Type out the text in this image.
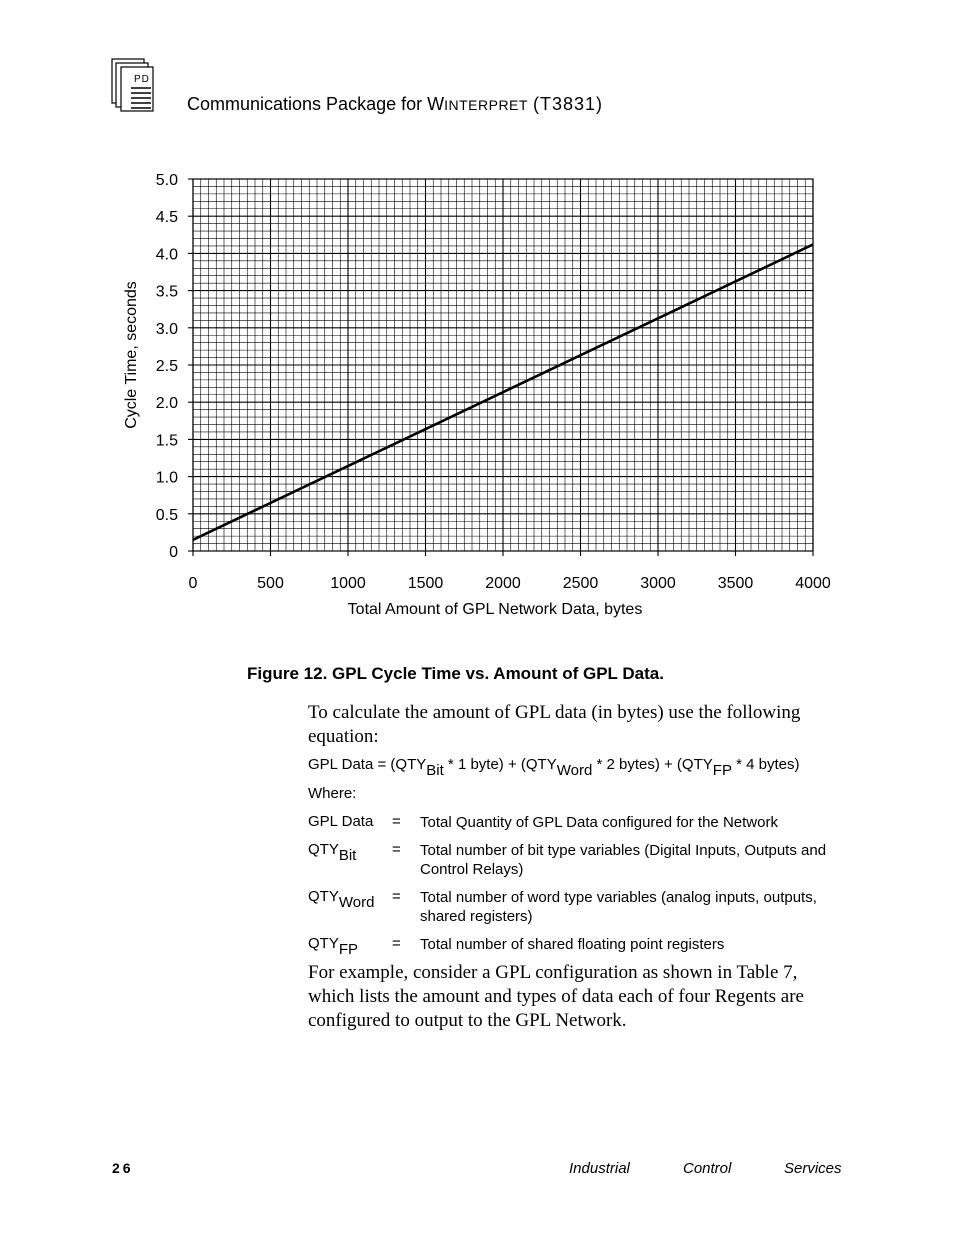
PD
Communications Package for WINTERPRET (T3831)
0	500	1000	1500	2000	2500	3000	3500	4000
0
0.5
1.0
1.5
2.0
2.5
3.0
3.5
4.0
4.5
5.0
Total Amount of GPL Network Data, bytes
Cycle Time, seconds
Figure 12. GPL Cycle Time vs. Amount of GPL Data.
To calculate the amount of GPL data (in bytes) use the following equation:
GPL Data = ($QTY_{Bit} * 1$ byte) + ($QTY_{Word} * 2$ bytes) + ($QTY_{FP} * 4$ bytes)
Where:
GPL Data = Total Quantity of GPL Data configured for the Network
$QTY_{Bit}$ = Total number of bit type variables (Digital Inputs, Outputs and Control Relays)
$QTY_{Word}$ = Total number of word type variables (analog inputs, outputs, shared registers)
$QTY_{FP}$ = Total number of shared floating point registers
For example, consider a GPL configuration as shown in Table 7, which lists the amount and types of data each of four Regents are configured to output to the GPL Network.
26	Industrial	Control	Services
